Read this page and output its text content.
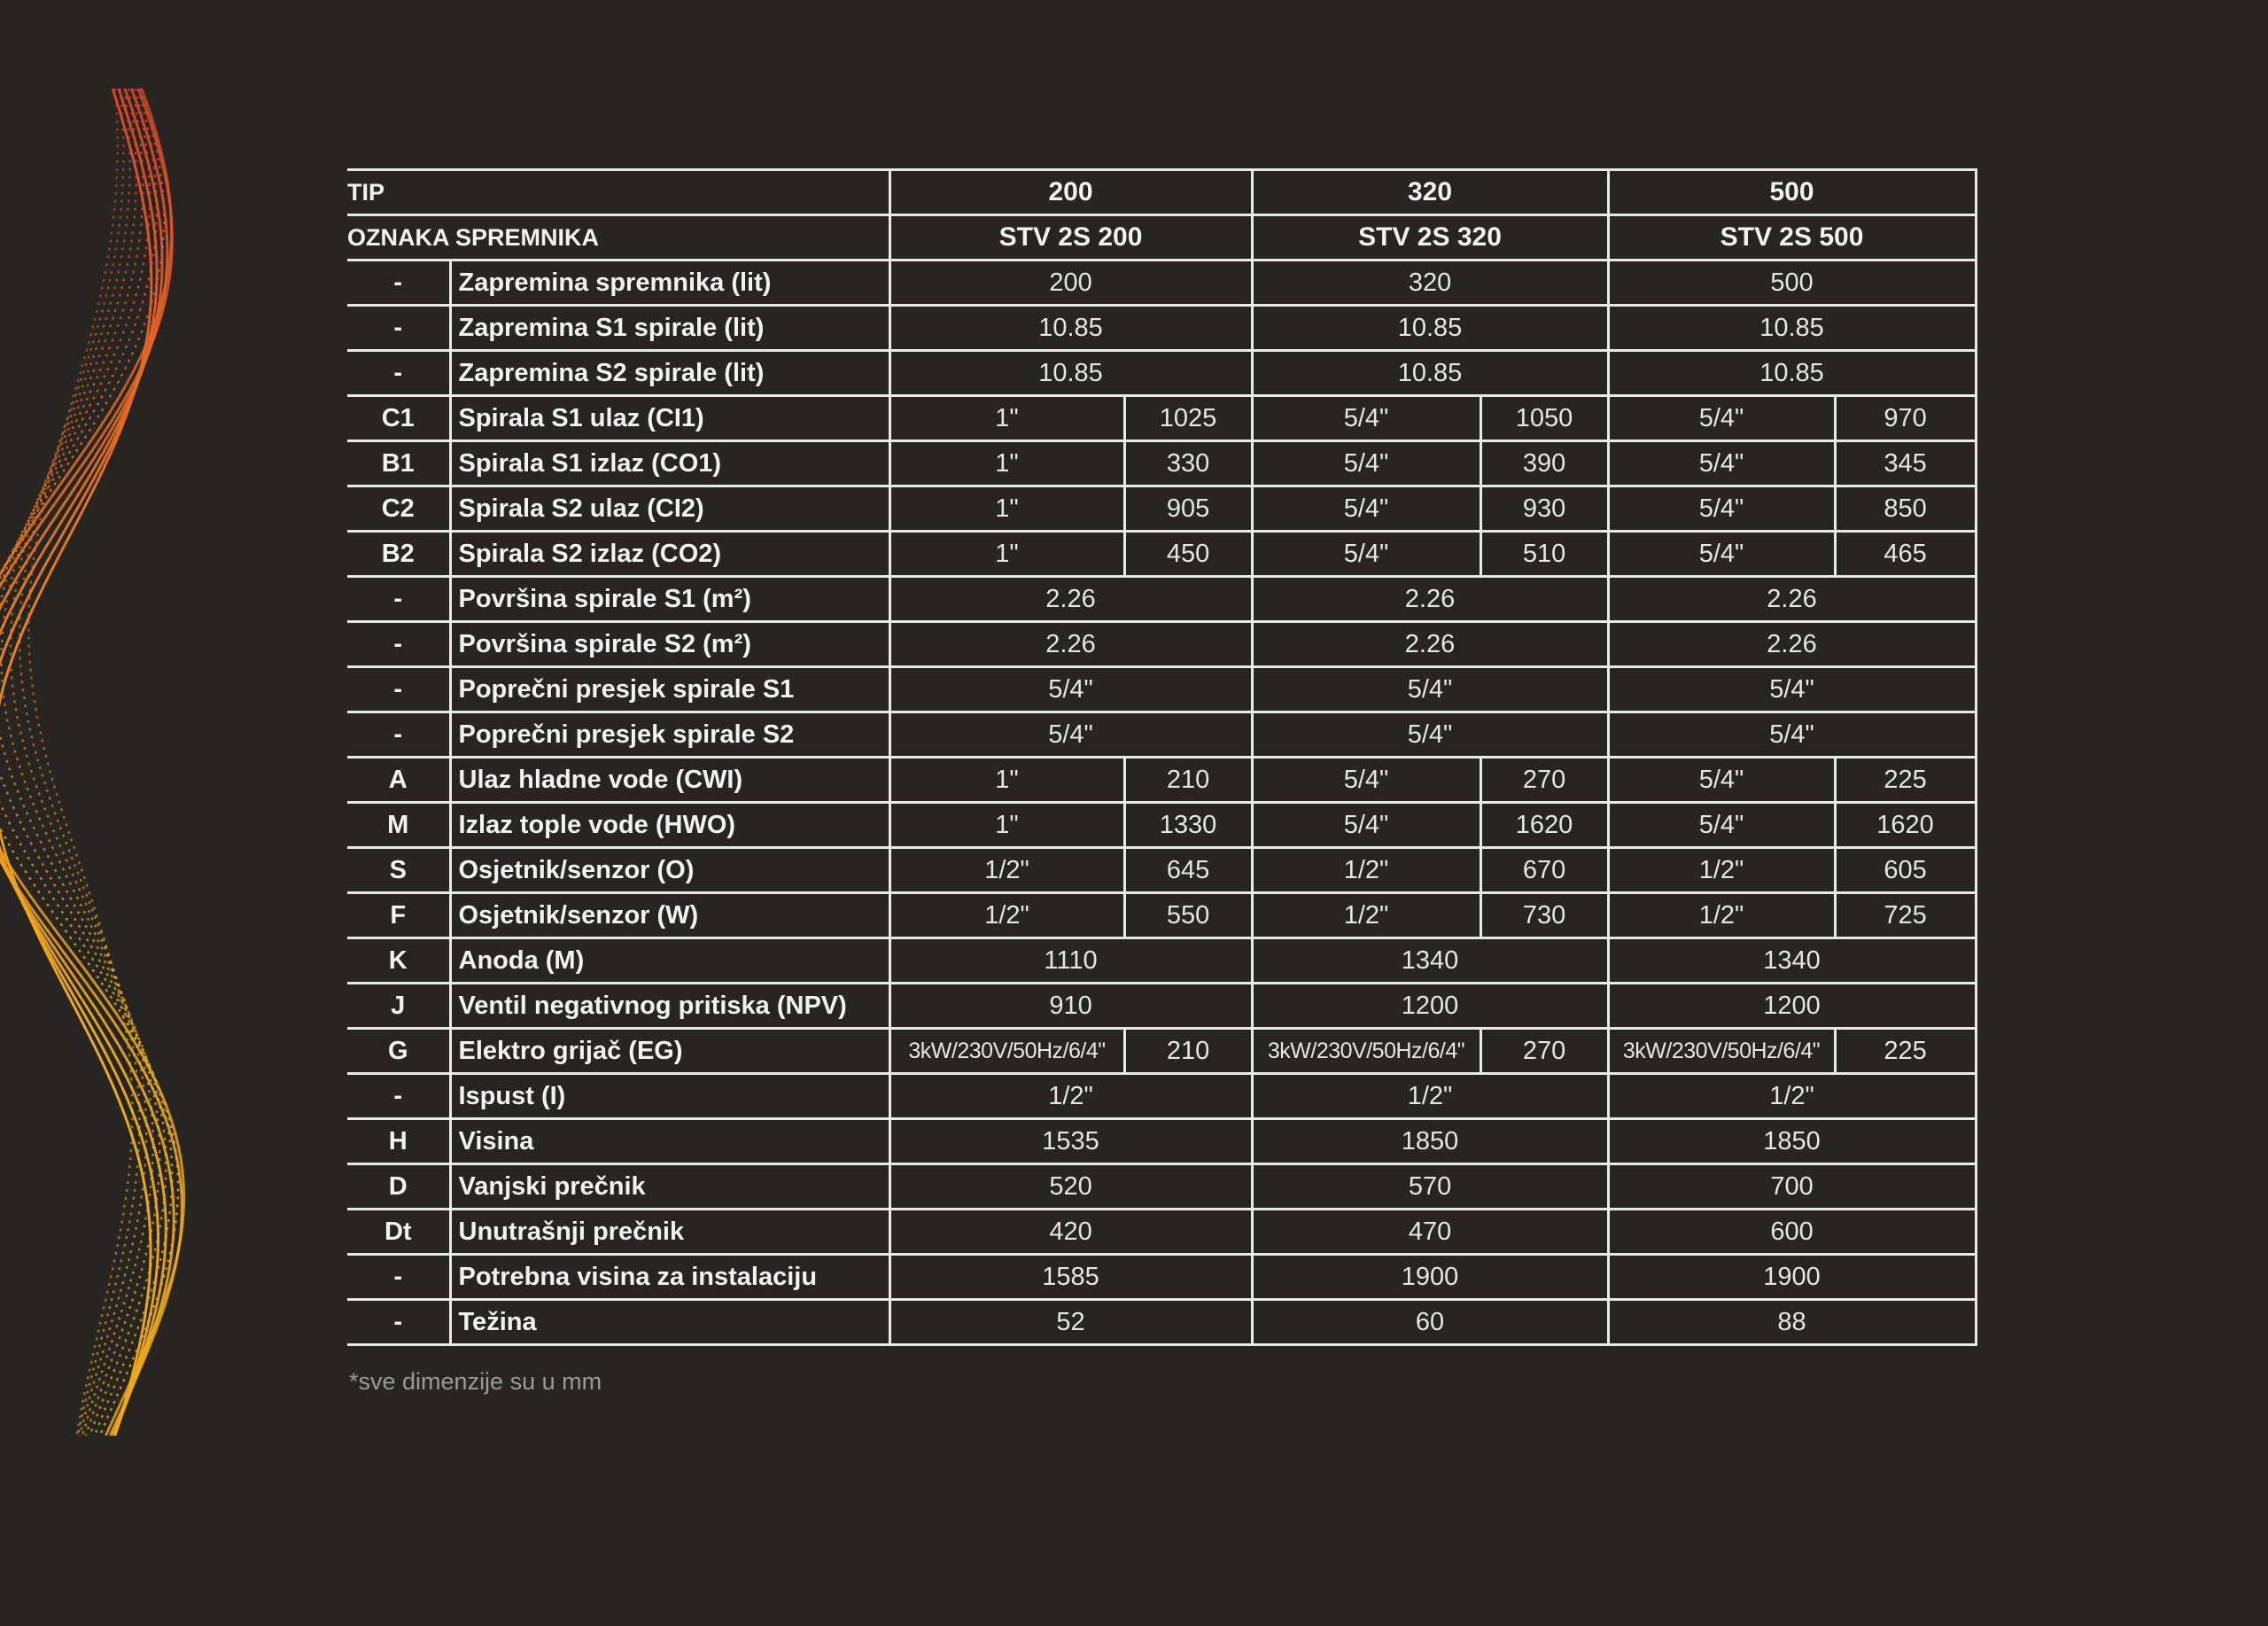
TIP		200		320		500	
OZNAKA SPREMNIKA		STV 2S 200		STV 2S 320		STV 2S 500	
-	Zapremina spremnika (lit)	200		320		500	
-	Zapremina S1 spirale (lit)	10.85		10.85		10.85	
-	Zapremina S2 spirale (lit)	10.85		10.85		10.85	
C1	Spirala S1 ulaz (CI1)	1"	1025	5/4"	1050	5/4"	970
B1	Spirala S1 izlaz (CO1)	1"	330	5/4"	390	5/4"	345
C2	Spirala S2 ulaz (CI2)	1"	905	5/4"	930	5/4"	850
B2	Spirala S2 izlaz (CO2)	1"	450	5/4"	510	5/4"	465
-	Površina spirale S1 (m²)	2.26		2.26		2.26	
-	Površina spirale S2 (m²)	2.26		2.26		2.26	
-	Poprečni presjek spirale S1	5/4"		5/4"		5/4"	
-	Poprečni presjek spirale S2	5/4"		5/4"		5/4"	
A	Ulaz hladne vode (CWI)	1"	210	5/4"	270	5/4"	225
M	Izlaz tople vode (HWO)	1"	1330	5/4"	1620	5/4"	1620
S	Osjetnik/senzor (O)	1/2"	645	1/2"	670	1/2"	605
F	Osjetnik/senzor (W)	1/2"	550	1/2"	730	1/2"	725
K	Anoda (M)	1110		1340		1340	
J	Ventil negativnog pritiska (NPV)	910		1200		1200	
G	Elektro grijač (EG)	3kW/230V/50Hz/6/4"	210	3kW/230V/50Hz/6/4"	270	3kW/230V/50Hz/6/4"	225
-	Ispust (I)	1/2"		1/2"		1/2"	
H	Visina	1535		1850		1850	
D	Vanjski prečnik	520		570		700	
Dt	Unutrašnji prečnik	420		470		600	
-	Potrebna visina za instalaciju	1585		1900		1900	
-	Težina	52		60		88	
*sve dimenzije su u mm
